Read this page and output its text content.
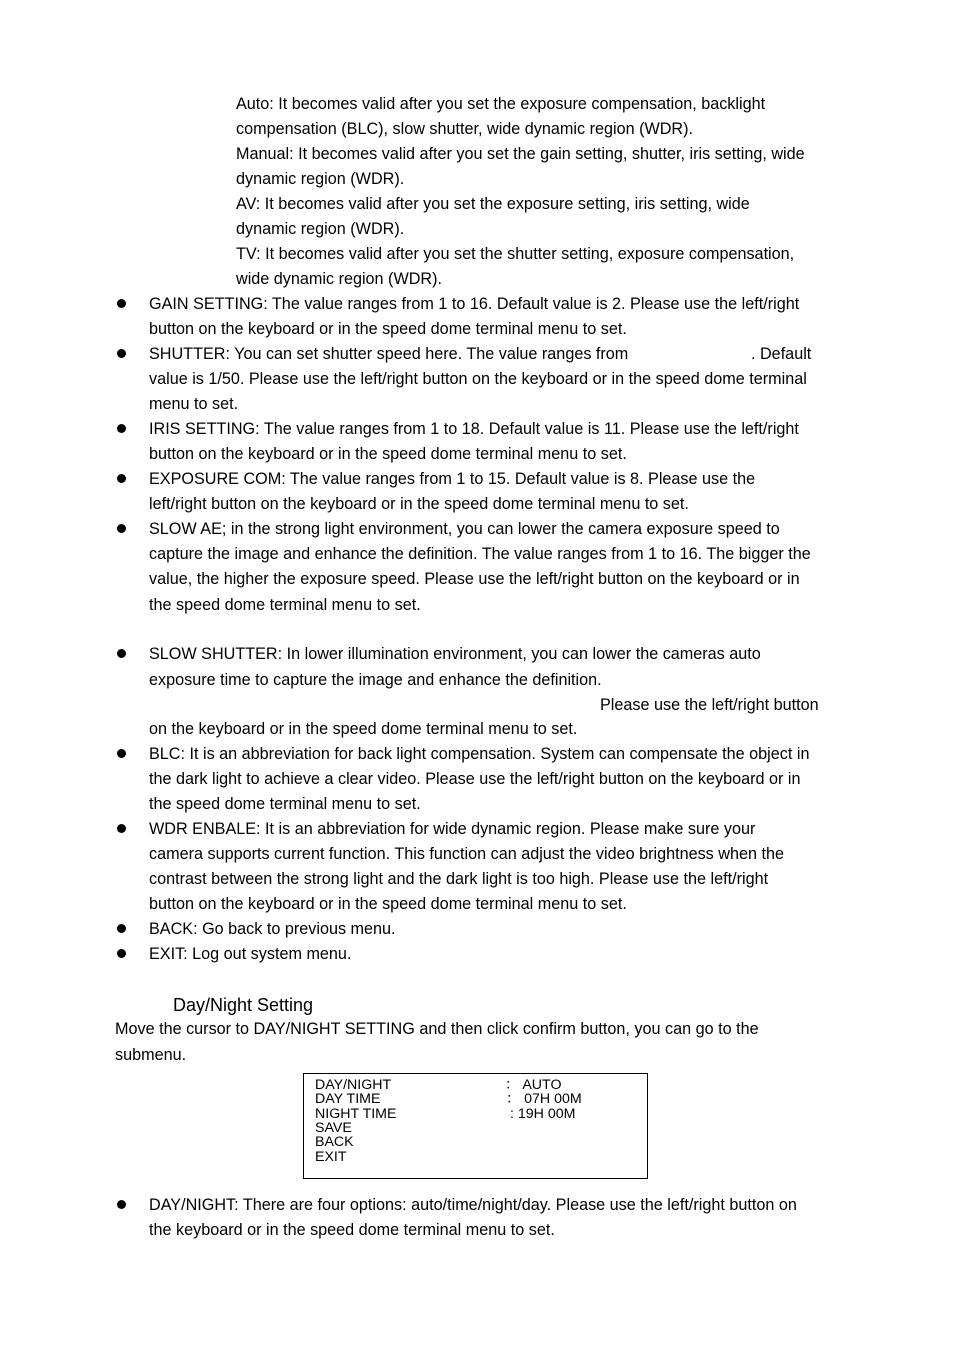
Auto: It becomes valid after you set the exposure compensation, backlight
compensation (BLC), slow shutter, wide dynamic region (WDR).
Manual: It becomes valid after you set the gain setting, shutter, iris setting, wide
dynamic region (WDR).
AV: It becomes valid after you set the exposure setting, iris setting, wide
dynamic region (WDR).
TV: It becomes valid after you set the shutter setting, exposure compensation,
wide dynamic region (WDR).
GAIN SETTING: The value ranges from 1 to 16. Default value is 2. Please use the left/right
button on the keyboard or in the speed dome terminal menu to set.
SHUTTER: You can set shutter speed here. The value ranges from	. Default
value is 1/50. Please use the left/right button on the keyboard or in the speed dome terminal
menu to set.
IRIS SETTING: The value ranges from 1 to 18. Default value is 11. Please use the left/right
button on the keyboard or in the speed dome terminal menu to set.
EXPOSURE COM: The value ranges from 1 to 15. Default value is 8. Please use the
left/right button on the keyboard or in the speed dome terminal menu to set.
SLOW AE; in the strong light environment, you can lower the camera exposure speed to
capture the image and enhance the definition. The value ranges from 1 to 16. The bigger the
value, the higher the exposure speed. Please use the left/right button on the keyboard or in
the speed dome terminal menu to set.
SLOW SHUTTER: In lower illumination environment, you can lower the cameras auto
exposure time to capture the image and enhance the definition.
Please use the left/right button
on the keyboard or in the speed dome terminal menu to set.
BLC: It is an abbreviation for back light compensation. System can compensate the object in
the dark light to achieve a clear video. Please use the left/right button on the keyboard or in
the speed dome terminal menu to set.
WDR ENBALE: It is an abbreviation for wide dynamic region. Please make sure your
camera supports current function. This function can adjust the video brightness when the
contrast between the strong light and the dark light is too high. Please use the left/right
button on the keyboard or in the speed dome terminal menu to set.
BACK: Go back to previous menu.
EXIT: Log out system menu.
Day/Night Setting
Move the cursor to DAY/NIGHT SETTING and then click confirm button, you can go to the
submenu.
DAY/NIGHT	： AUTO
DAY TIME	： 07H 00M
NIGHT TIME	: 19H 00M
SAVE
BACK
EXIT
DAY/NIGHT: There are four options: auto/time/night/day. Please use the left/right button on
the keyboard or in the speed dome terminal menu to set.
